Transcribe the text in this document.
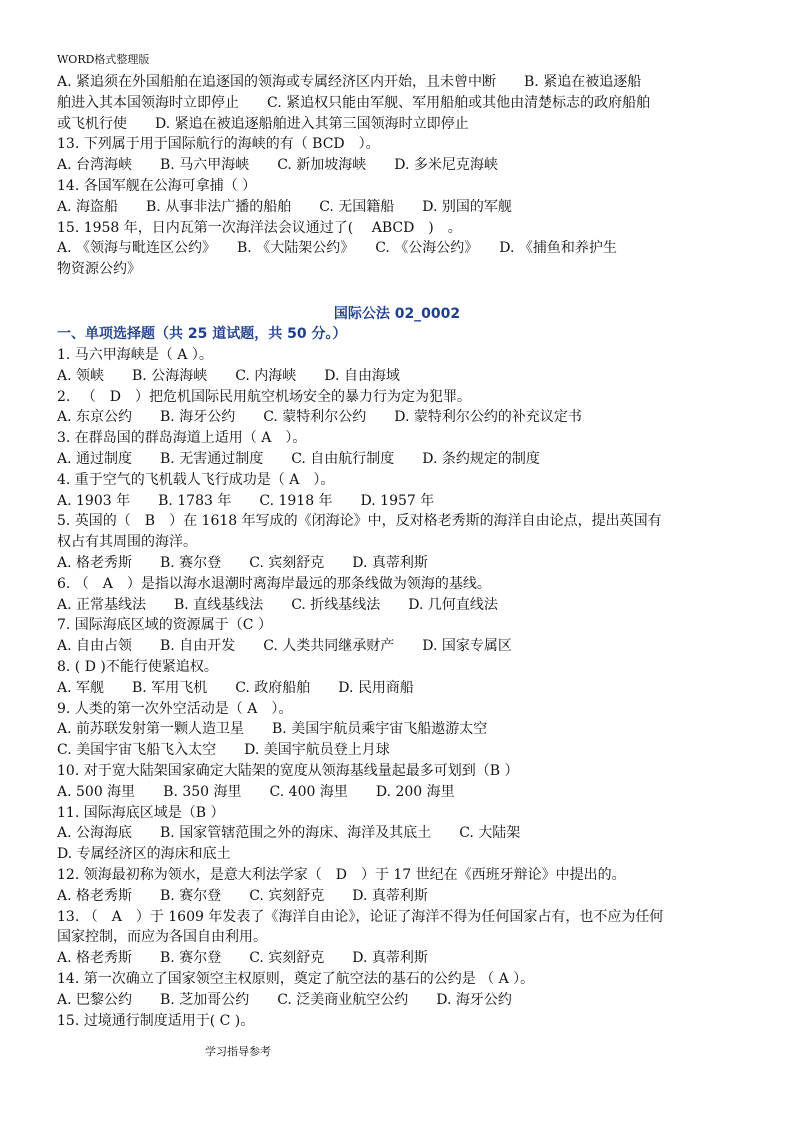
WORD格式整理版
A. 紧追须在外国船舶在追逐国的领海或专属经济区内开始，且未曾中断　　B. 紧追在被追逐船
舶进入其本国领海时立即停止　　C. 紧追权只能由军舰、军用船舶或其他由清楚标志的政府船舶
或飞机行使　　D. 紧追在被追逐船舶进入其第三国领海时立即停止
13. 下列属于用于国际航行的海峡的有（ BCD　）。
A. 台湾海峡　　B. 马六甲海峡　　C. 新加坡海峡　　D. 多米尼克海峡
14. 各国军舰在公海可拿捕（ ）
A. 海盗船　　B. 从事非法广播的船舶　　C. 无国籍船　　D. 别国的军舰
15. 1958 年，日内瓦第一次海洋法会议通过了( 　ABCD　)　。
A. 《领海与毗连区公约》　　B. 《大陆架公约》　　C. 《公海公约》　　D. 《捕鱼和养护生
物资源公约》
国际公法 02_0002
一、单项选择题（共 25 道试题，共 50 分。）
1. 马六甲海峡是（ A ）。
A. 领峡　　B. 公海海峡　　C. 内海峡　　D. 自由海域
2. 　（　D　）把危机国际民用航空机场安全的暴力行为定为犯罪。
A. 东京公约　　B. 海牙公约　　C. 蒙特利尔公约　　D. 蒙特利尔公约的补充议定书
3. 在群岛国的群岛海道上适用（ A　）。
A. 通过制度　　B. 无害通过制度　　C. 自由航行制度　　D. 条约规定的制度
4. 重于空气的飞机载人飞行成功是（ A　）。
A. 1903 年　　B. 1783 年　　C. 1918 年　　D. 1957 年
5. 英国的（　B　）在 1618 年写成的《闭海论》中，反对格老秀斯的海洋自由论点，提出英国有
权占有其周围的海洋。
A. 格老秀斯　　B. 赛尔登　　C. 宾刻舒克　　D. 真蒂利斯
6. （　A　）是指以海水退潮时离海岸最远的那条线做为领海的基线。
A. 正常基线法　　B. 直线基线法　　C. 折线基线法　　D. 几何直线法
7. 国际海底区域的资源属于（C ）
A. 自由占领　　B. 自由开发　　C. 人类共同继承财产　　D. 国家专属区
8. ( D )不能行使紧追权。
A. 军舰　　B. 军用飞机　　C. 政府船舶　　D. 民用商船
9. 人类的第一次外空活动是（ A　）。
A. 前苏联发射第一颗人造卫星　　B. 美国宇航员乘宇宙飞船遨游太空
C. 美国宇宙飞船飞入太空　　D. 美国宇航员登上月球
10. 对于宽大陆架国家确定大陆架的宽度从领海基线量起最多可划到（B ）
A. 500 海里　　B. 350 海里　　C. 400 海里　　D. 200 海里
11. 国际海底区域是（B ）
A. 公海海底　　B. 国家管辖范围之外的海床、海洋及其底土　　C. 大陆架
D. 专属经济区的海床和底土
12. 领海最初称为领水，是意大利法学家（　D　）于 17 世纪在《西班牙辩论》中提出的。
A. 格老秀斯　　B. 赛尔登　　C. 宾刻舒克　　D. 真蒂利斯
13. （　A　）于 1609 年发表了《海洋自由论》，论证了海洋不得为任何国家占有，也不应为任何
国家控制，而应为各国自由利用。
A. 格老秀斯　　B. 赛尔登　　C. 宾刻舒克　　D. 真蒂利斯
14. 第一次确立了国家领空主权原则，奠定了航空法的基石的公约是 （ A ）。
A. 巴黎公约　　B. 芝加哥公约　　C. 泛美商业航空公约　　D. 海牙公约
15. 过境通行制度适用于( C )。
学习指导参考
